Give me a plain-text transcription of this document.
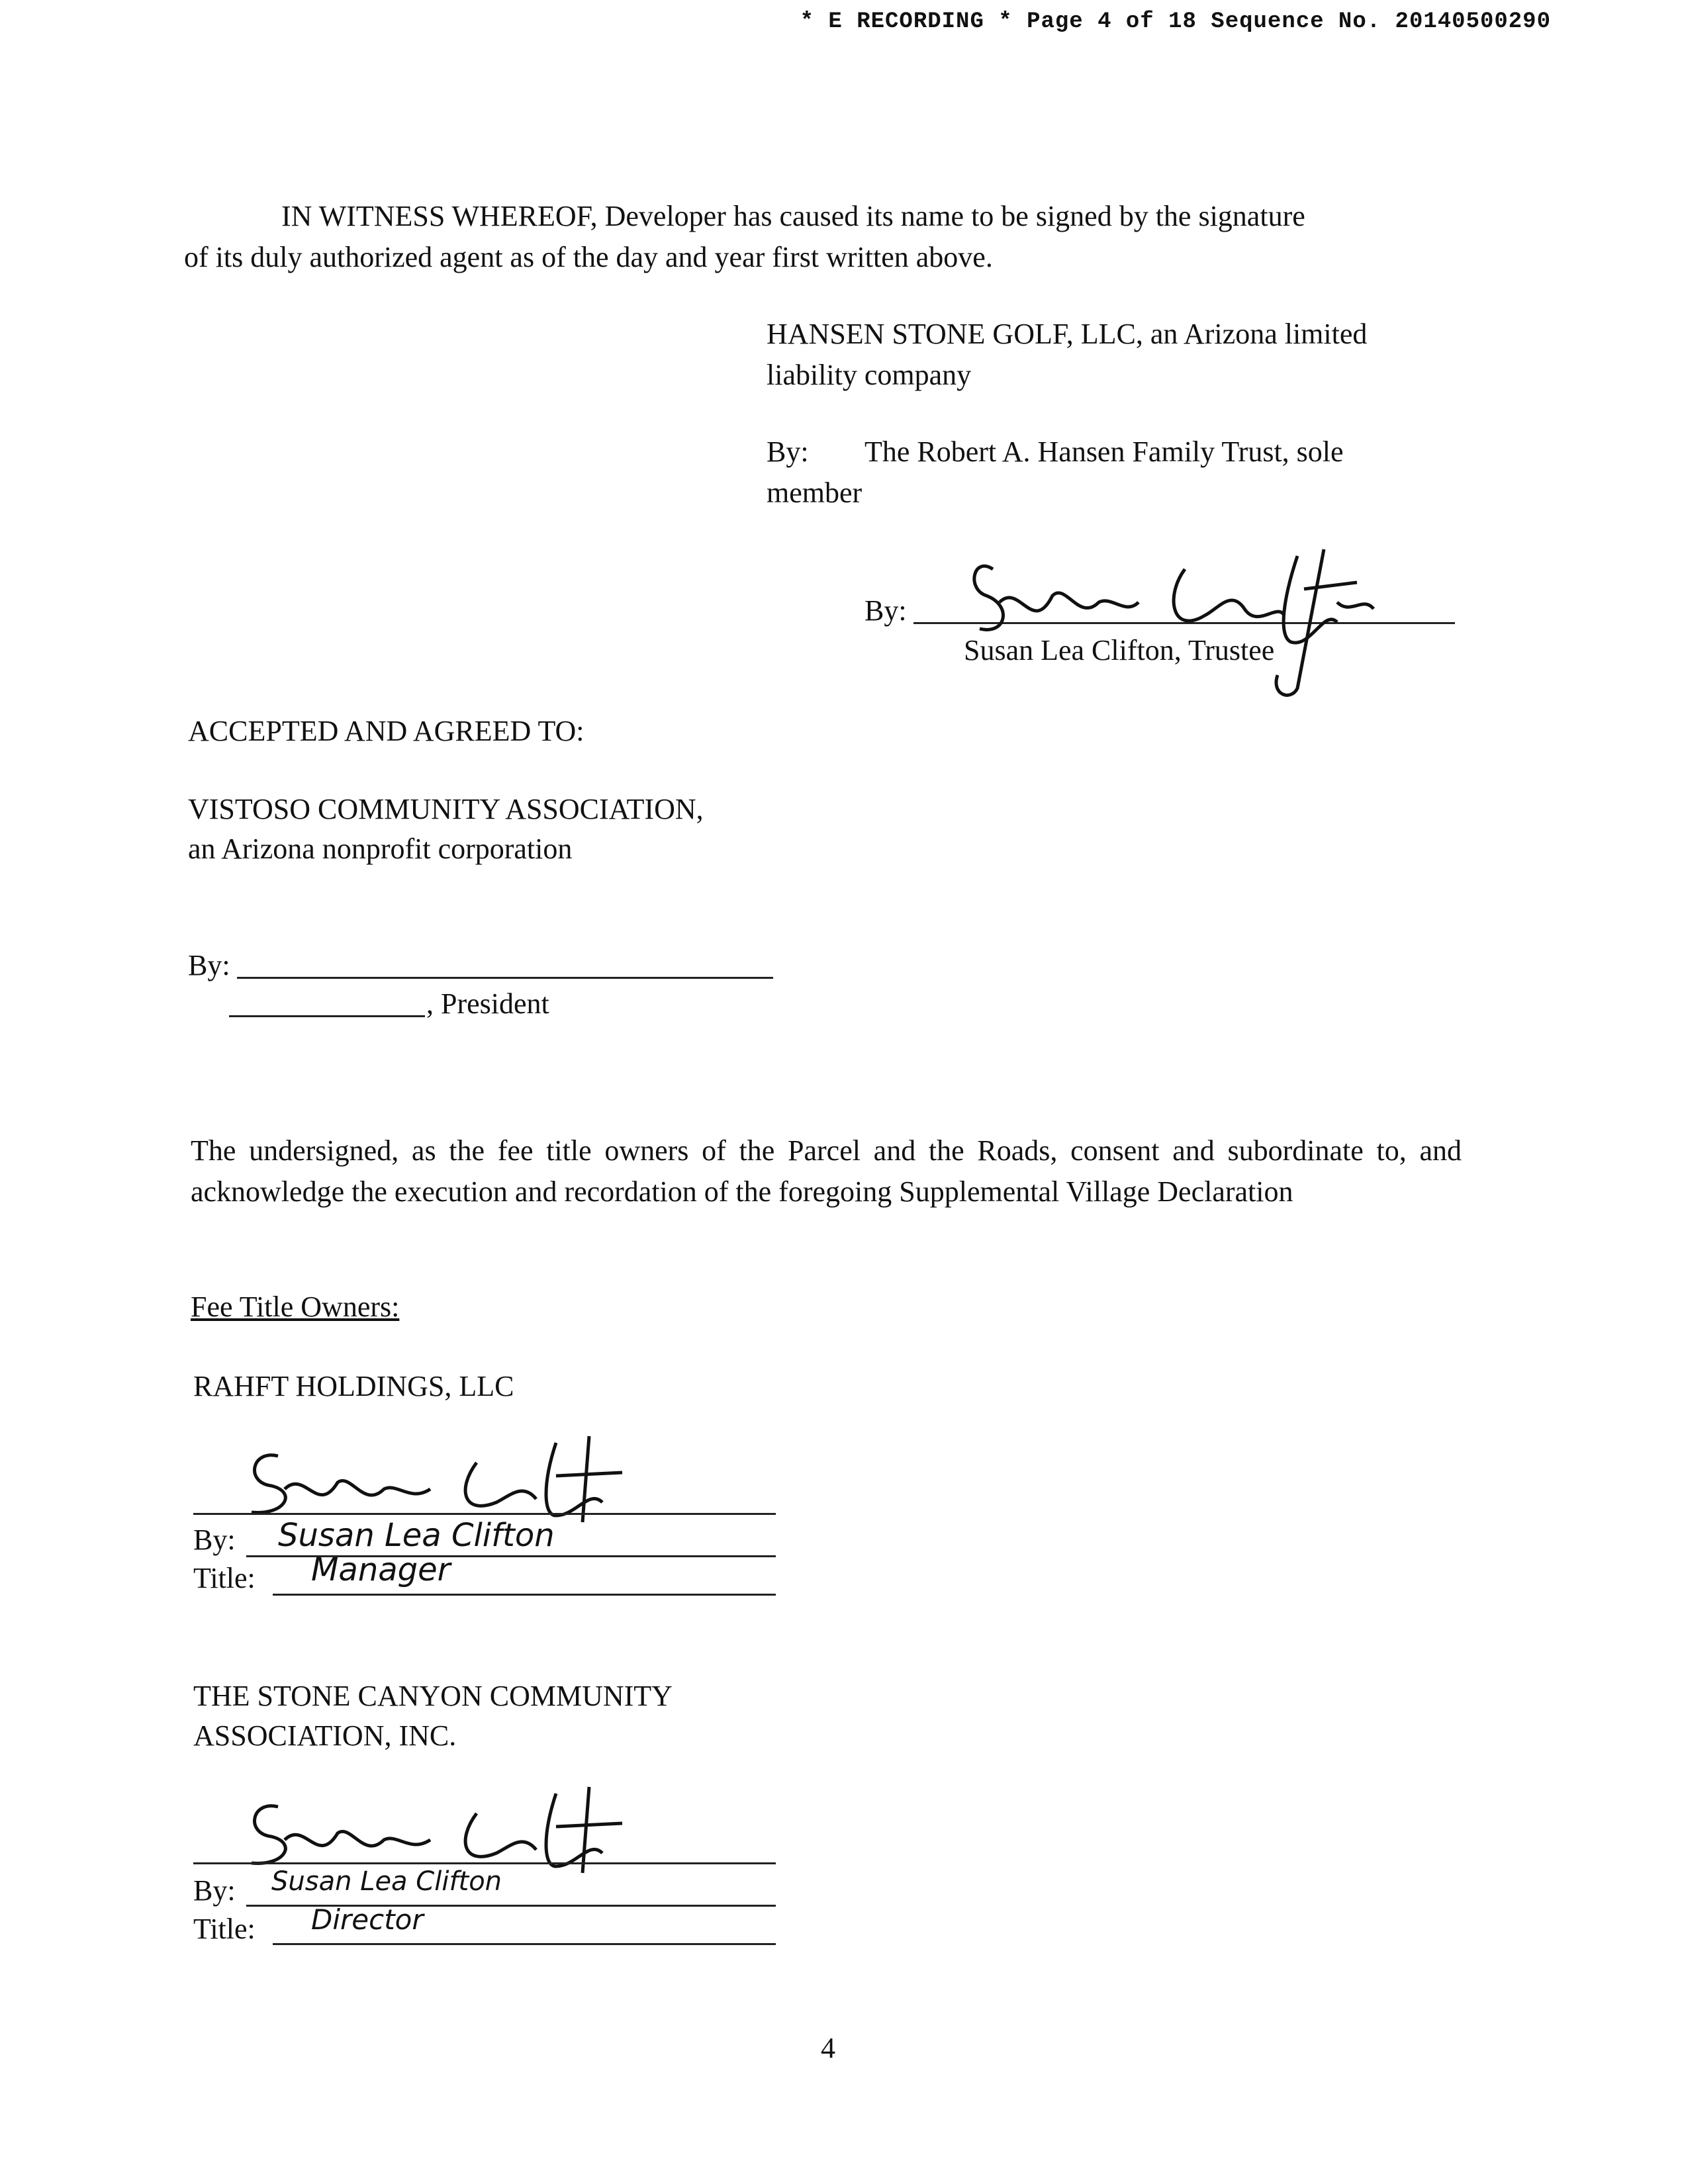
* E RECORDING * Page 4 of 18 Sequence No. 20140500290
IN WITNESS WHEREOF, Developer has caused its name to be signed by the signature
of its duly authorized agent as of the day and year first written above.
HANSEN STONE GOLF, LLC, an Arizona limited
liability company
By: The Robert A. Hansen Family Trust, sole
member
By:
Susan Lea Clifton, Trustee
ACCEPTED AND AGREED TO:
VISTOSO COMMUNITY ASSOCIATION,
an Arizona nonprofit corporation
By:
, President
The undersigned, as the fee title owners of the Parcel and the Roads, consent and subordinate to, and acknowledge the execution and recordation of the foregoing Supplemental Village Declaration
Fee Title Owners:
RAHFT HOLDINGS, LLC
By: Susan Lea Clifton
Title: Manager
THE STONE CANYON COMMUNITY
ASSOCIATION, INC.
By: Susan Lea Clifton
Title: Director
4
